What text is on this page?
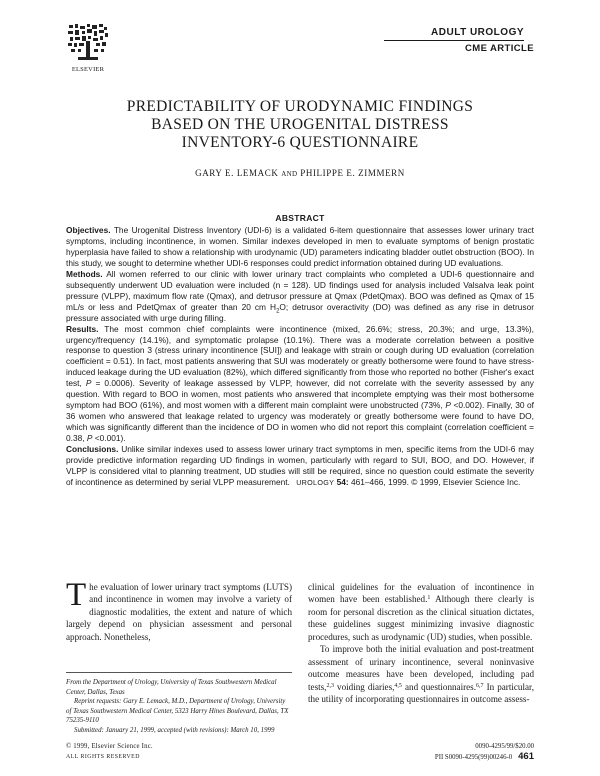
ELSEVIER
ADULT UROLOGY
CME ARTICLE
PREDICTABILITY OF URODYNAMIC FINDINGS
BASED ON THE UROGENITAL DISTRESS
INVENTORY-6 QUESTIONNAIRE
GARY E. LEMACK AND PHILIPPE E. ZIMMERN
ABSTRACT

Objectives. The Urogenital Distress Inventory (UDI-6) is a validated 6-item questionnaire that assesses lower urinary tract symptoms, including incontinence, in women. Similar indexes developed in men to evaluate symptoms of benign prostatic hyperplasia have failed to show a relationship with urodynamic (UD) parameters indicating bladder outlet obstruction (BOO). In this study, we sought to determine whether UDI-6 responses could predict information obtained during UD evaluations.

Methods. All women referred to our clinic with lower urinary tract complaints who completed a UDI-6 questionnaire and subsequently underwent UD evaluation were included (n = 128). UD findings used for analysis included Valsalva leak point pressure (VLPP), maximum flow rate (Qmax), and detrusor pressure at Qmax (PdetQmax). BOO was defined as Qmax of 15 mL/s or less and PdetQmax of greater than 20 cm $H_2O$; detrusor overactivity (DO) was defined as any rise in detrusor pressure associated with urge during filling.

Results. The most common chief complaints were incontinence (mixed, 26.6%; stress, 20.3%; and urge, 13.3%), urgency/frequency (14.1%), and symptomatic prolapse (10.1%). There was a moderate correlation between a positive response to question 3 (stress urinary incontinence [SUI]) and leakage with strain or cough during UD evaluation (correlation coefficient = 0.51). In fact, most patients answering that SUI was moderately or greatly bothersome were found to have stress-induced leakage during the UD evaluation (82%), which differed significantly from those who reported no bother (Fisher's exact test, P = 0.0006). Severity of leakage assessed by VLPP, however, did not correlate with the severity assessed by any question. With regard to BOO in women, most patients who answered that incomplete emptying was their most bothersome symptom had BOO (61%), and most women with a different main complaint were unobstructed (73%, P <0.002). Finally, 30 of 36 women who answered that leakage related to urgency was moderately or greatly bothersome were found to have DO, which was significantly different than the incidence of DO in women who did not report this complaint (correlation coefficient = 0.38, P <0.001).

Conclusions. Unlike similar indexes used to assess lower urinary tract symptoms in men, specific items from the UDI-6 may provide predictive information regarding UD findings in women, particularly with regard to SUI, BOO, and DO. However, if VLPP is considered vital to planning treatment, UD studies will still be required, since no question could estimate the severity of incontinence as determined by serial VLPP measurement. UROLOGY 54: 461–466, 1999. © 1999, Elsevier Science Inc.

The evaluation of lower urinary tract symptoms (LUTS) and incontinence in women may involve a variety of diagnostic modalities, the extent and nature of which largely depend on physician assessment and personal approach. Nonetheless,

clinical guidelines for the evaluation of incontinence in women have been established.$^1$ Although there clearly is room for personal discretion as the clinical situation dictates, these guidelines suggest minimizing invasive diagnostic procedures, such as urodynamic (UD) studies, when possible.

To improve both the initial evaluation and post-treatment assessment of urinary incontinence, several noninvasive outcome measures have been developed, including pad tests,$^{2,3}$ voiding diaries,$^{4,5}$ and questionnaires.$^{6,7}$ In particular, the utility of incorporating questionnaires in outcome assess-

From the Department of Urology, University of Texas Southwestern Medical Center, Dallas, Texas

Reprint requests: Gary E. Lemack, M.D., Department of Urology, University of Texas Southwestern Medical Center, 5323 Harry Hines Boulevard, Dallas, TX 75235-9110

Submitted: January 21, 1999, accepted (with revisions): March 10, 1999

© 1999, Elsevier Science Inc.
ALL RIGHTS RESERVED
0090-4295/99/$20.00
PII S0090-4295(99)00246-0 461
